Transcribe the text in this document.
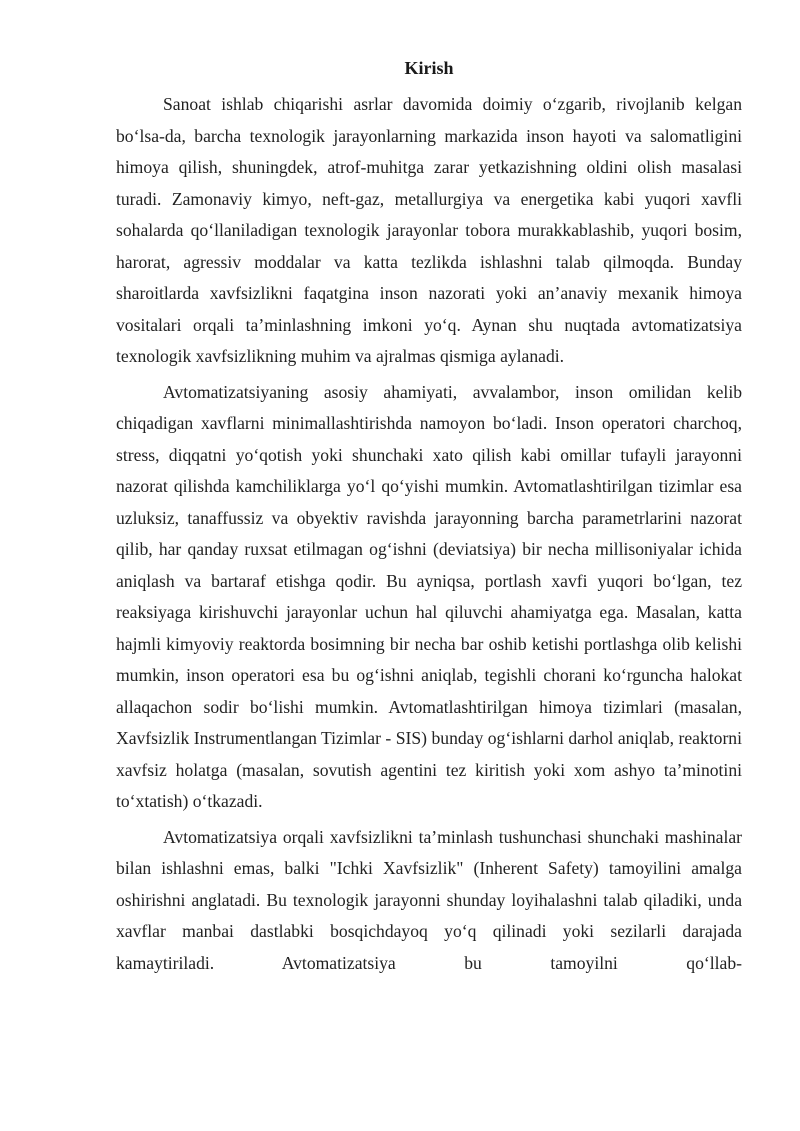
Kirish

Sanoat ishlab chiqarishi asrlar davomida doimiy o‘zgarib, rivojlanib kelgan bo‘lsa-da, barcha texnologik jarayonlarning markazida inson hayoti va salomatligini himoya qilish, shuningdek, atrof-muhitga zarar yetkazishning oldini olish masalasi turadi. Zamonaviy kimyo, neft-gaz, metallurgiya va energetika kabi yuqori xavfli sohalarda qo‘llaniladigan texnologik jarayonlar tobora murakkablashib, yuqori bosim, harorat, agressiv moddalar va katta tezlikda ishlashni talab qilmoqda. Bunday sharoitlarda xavfsizlikni faqatgina inson nazorati yoki an’anaviy mexanik himoya vositalari orqali ta’minlashning imkoni yo‘q. Aynan shu nuqtada avtomatizatsiya texnologik xavfsizlikning muhim va ajralmas qismiga aylanadi.

Avtomatizatsiyaning asosiy ahamiyati, avvalambor, inson omilidan kelib chiqadigan xavflarni minimallashtirishda namoyon bo‘ladi. Inson operatori charchoq, stress, diqqatni yo‘qotish yoki shunchaki xato qilish kabi omillar tufayli jarayonni nazorat qilishda kamchiliklarga yo‘l qo‘yishi mumkin. Avtomatlashtirilgan tizimlar esa uzluksiz, tanaffussiz va obyektiv ravishda jarayonning barcha parametrlarini nazorat qilib, har qanday ruxsat etilmagan og‘ishni (deviatsiya) bir necha millisoniyalar ichida aniqlash va bartaraf etishga qodir. Bu ayniqsa, portlash xavfi yuqori bo‘lgan, tez reaksiyaga kirishuvchi jarayonlar uchun hal qiluvchi ahamiyatga ega. Masalan, katta hajmli kimyoviy reaktorda bosimning bir necha bar oshib ketishi portlashga olib kelishi mumkin, inson operatori esa bu og‘ishni aniqlab, tegishli chorani ko‘rguncha halokat allaqachon sodir bo‘lishi mumkin. Avtomatlashtirilgan himoya tizimlari (masalan, Xavfsizlik Instrumentlangan Tizimlar - SIS) bunday og‘ishlarni darhol aniqlab, reaktorni xavfsiz holatga (masalan, sovutish agentini tez kiritish yoki xom ashyo ta’minotini to‘xtatish) o‘tkazadi.

Avtomatizatsiya orqali xavfsizlikni ta’minlash tushunchasi shunchaki mashinalar bilan ishlashni emas, balki "Ichki Xavfsizlik" (Inherent Safety) tamoyilini amalga oshirishni anglatadi. Bu texnologik jarayonni shunday loyihalashni talab qiladiki, unda xavflar manbai dastlabki bosqichdayoq yo‘q qilinadi yoki sezilarli darajada kamaytiriladi. Avtomatizatsiya bu tamoyilni qo‘llab-
